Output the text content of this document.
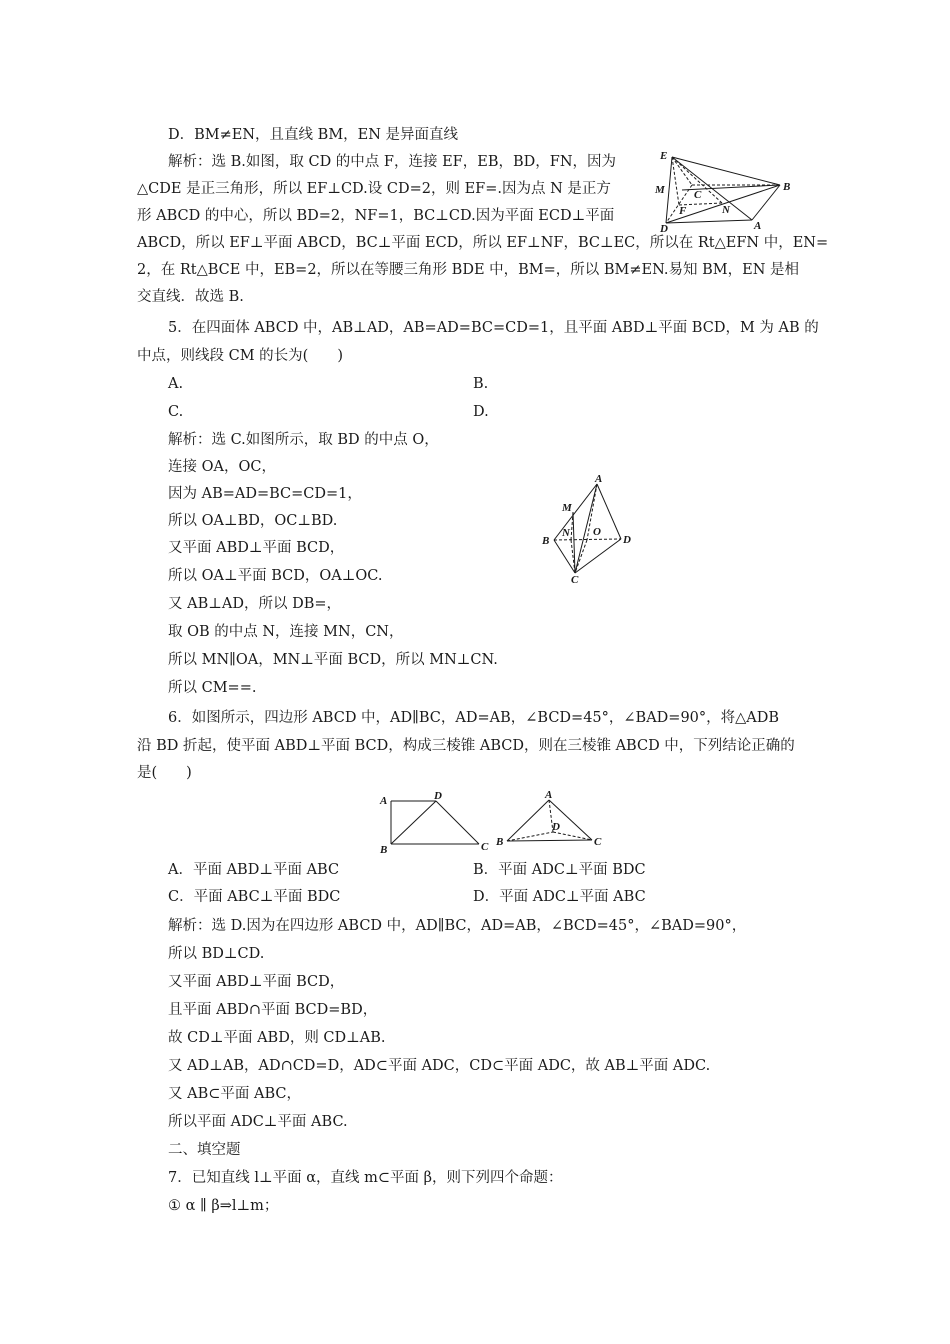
D．BM≠EN，且直线 BM，EN 是异面直线
解析：选 B.如图，取 CD 的中点 F，连接 EF，EB，BD，FN，因为
△CDE 是正三角形，所以 EF⊥CD.设 CD=2，则 EF=.因为点 N 是正方
形 ABCD 的中心，所以 BD=2，NF=1，BC⊥CD.因为平面 ECD⊥平面
ABCD，所以 EF⊥平面 ABCD，BC⊥平面 ECD，所以 EF⊥NF，BC⊥EC，所以在 Rt△EFN 中，EN=
2，在 Rt△BCE 中，EB=2，所以在等腰三角形 BDE 中，BM=，所以 BM≠EN.易知 BM，EN 是相
交直线．故选 B.
5．在四面体 ABCD 中，AB⊥AD，AB=AD=BC=CD=1，且平面 ABD⊥平面 BCD，M 为 AB 的
中点，则线段 CM 的长为(　　)
A.	B.
C.	D.
解析：选 C.如图所示，取 BD 的中点 O，
连接 OA，OC，
因为 AB=AD=BC=CD=1，
所以 OA⊥BD，OC⊥BD.
又平面 ABD⊥平面 BCD，
所以 OA⊥平面 BCD，OA⊥OC.
又 AB⊥AD，所以 DB=，
取 OB 的中点 N，连接 MN，CN，
所以 MN∥OA，MN⊥平面 BCD，所以 MN⊥CN.
所以 CM==.
6．如图所示，四边形 ABCD 中，AD∥BC，AD=AB，∠BCD=45°，∠BAD=90°，将△ADB
沿 BD 折起，使平面 ABD⊥平面 BCD，构成三棱锥 ABCD，则在三棱锥 ABCD 中，下列结论正确的
是(　　)
A．平面 ABD⊥平面 ABC	B．平面 ADC⊥平面 BDC
C．平面 ABC⊥平面 BDC	D．平面 ADC⊥平面 ABC
解析：选 D.因为在四边形 ABCD 中，AD∥BC，AD=AB，∠BCD=45°，∠BAD=90°，
所以 BD⊥CD.
又平面 ABD⊥平面 BCD，
且平面 ABD∩平面 BCD=BD，
故 CD⊥平面 ABD，则 CD⊥AB.
又 AD⊥AB，AD∩CD=D，AD⊂平面 ADC，CD⊂平面 ADC，故 AB⊥平面 ADC.
又 AB⊂平面 ABC，
所以平面 ADC⊥平面 ABC.
二、填空题
7．已知直线 l⊥平面 α，直线 m⊂平面 β，则下列四个命题：
① α ∥ β⇒l⊥m；
E
M	B
C
F	N
D	A
A
M
B
N O
D
C
A	D
B	C
A
B
D
C
